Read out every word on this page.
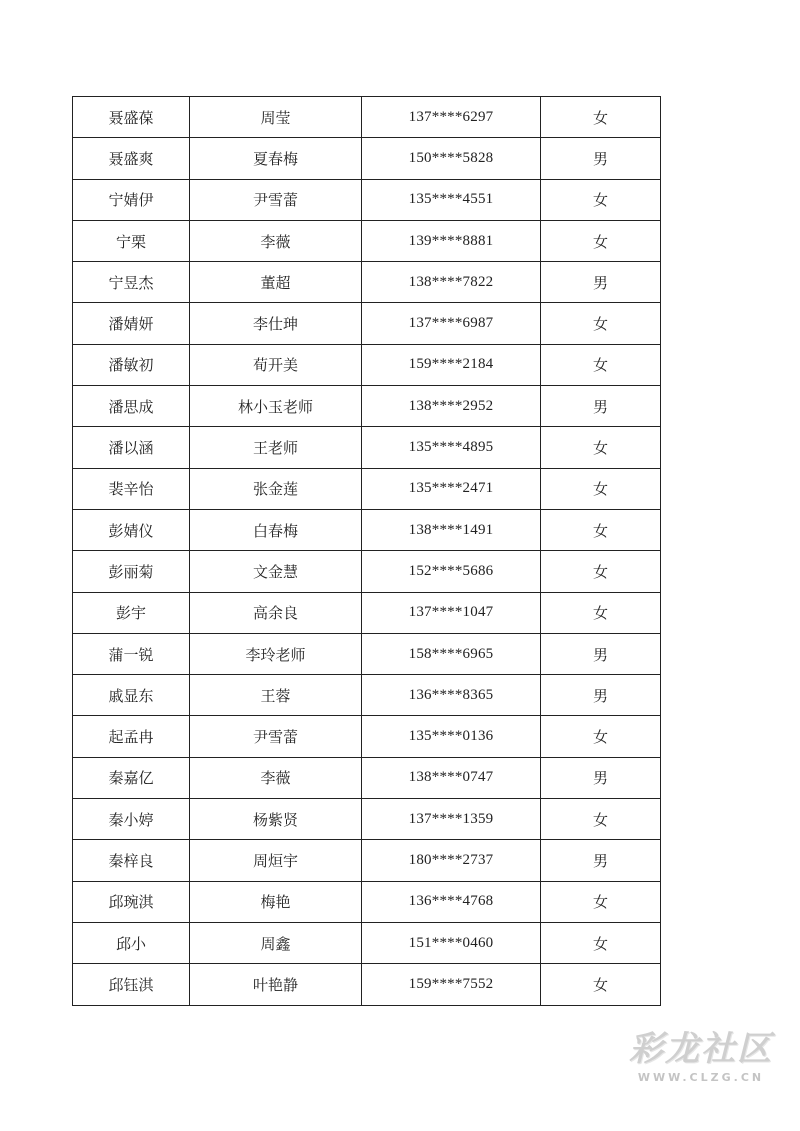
聂盛葆	周莹	137****6297	女
聂盛爽	夏春梅	150****5828	男
宁婧伊	尹雪蕾	135****4551	女
宁栗	李薇	139****8881	女
宁昱杰	董超	138****7822	男
潘婧妍	李仕珅	137****6987	女
潘敏初	荀开美	159****2184	女
潘思成	林小玉老师	138****2952	男
潘以涵	王老师	135****4895	女
裴辛怡	张金莲	135****2471	女
彭婧仪	白春梅	138****1491	女
彭丽菊	文金慧	152****5686	女
彭宇	高余良	137****1047	女
蒲一锐	李玲老师	158****6965	男
戚显东	王蓉	136****8365	男
起孟冉	尹雪蕾	135****0136	女
秦嘉亿	李薇	138****0747	男
秦小婷	杨紫贤	137****1359	女
秦梓良	周烜宇	180****2737	男
邱琬淇	梅艳	136****4768	女
邱小	周鑫	151****0460	女
邱钰淇	叶艳静	159****7552	女
彩龙社区
WWW.CLZG.CN
